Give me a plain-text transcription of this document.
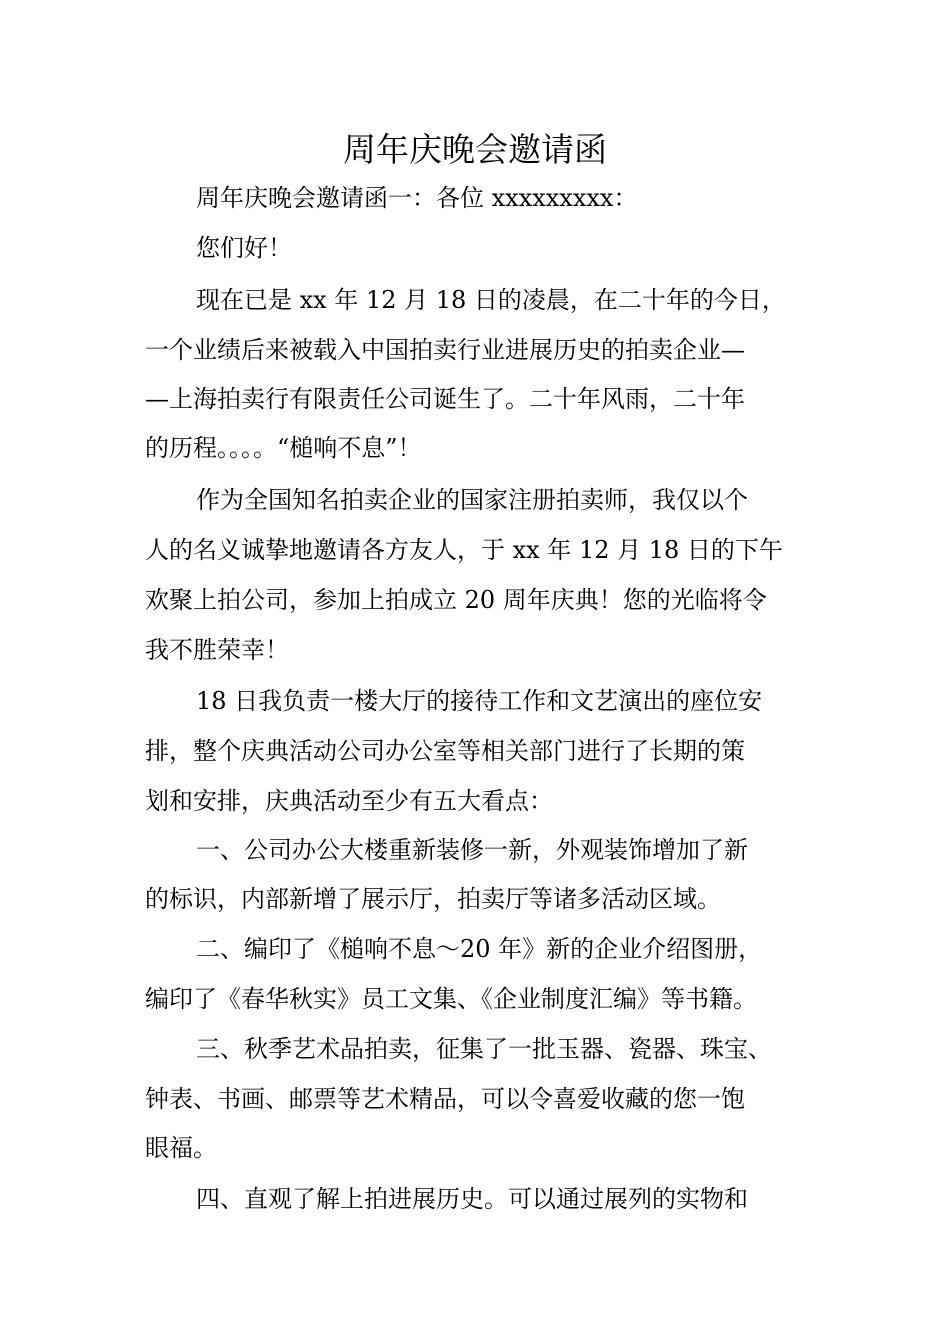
周年庆晚会邀请函

周年庆晚会邀请函一：各位 xxxxxxxxx：

您们好！

现在已是 xx 年 12 月 18 日的凌晨，在二十年的今日，

一个业绩后来被载入中国拍卖行业进展历史的拍卖企业—

—上海拍卖行有限责任公司诞生了。二十年风雨，二十年

的历程。。。。“槌响不息”！

作为全国知名拍卖企业的国家注册拍卖师，我仅以个

人的名义诚挚地邀请各方友人，于 xx 年 12 月 18 日的下午

欢聚上拍公司，参加上拍成立 20 周年庆典！您的光临将令

我不胜荣幸！

18 日我负责一楼大厅的接待工作和文艺演出的座位安

排，整个庆典活动公司办公室等相关部门进行了长期的策

划和安排，庆典活动至少有五大看点：

一、公司办公大楼重新装修一新，外观装饰增加了新

的标识，内部新增了展示厅，拍卖厅等诸多活动区域。

二、编印了《槌响不息～20 年》新的企业介绍图册，

编印了《春华秋实》员工文集、《企业制度汇编》等书籍。

三、秋季艺术品拍卖，征集了一批玉器、瓷器、珠宝、

钟表、书画、邮票等艺术精品，可以令喜爱收藏的您一饱

眼福。

四、直观了解上拍进展历史。可以通过展列的实物和
